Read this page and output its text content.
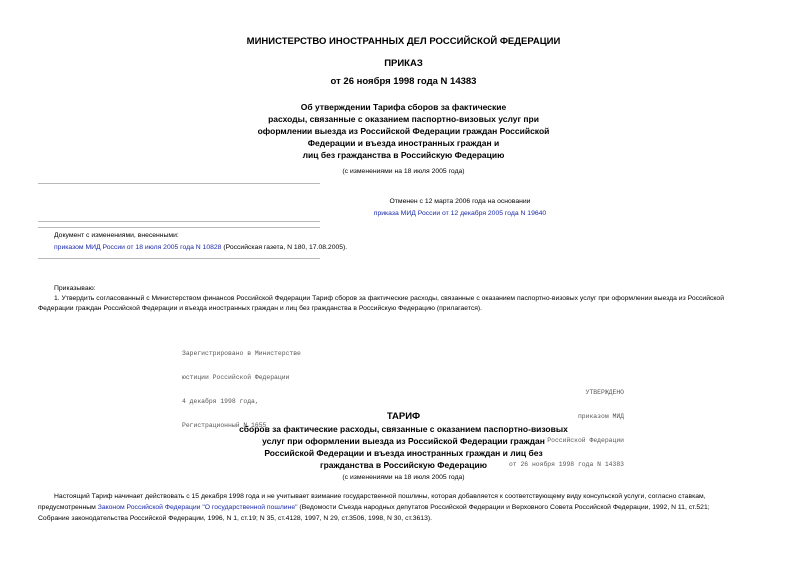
МИНИСТЕРСТВО ИНОСТРАННЫХ ДЕЛ РОССИЙСКОЙ ФЕДЕРАЦИИ
ПРИКАЗ
от 26 ноября 1998 года N 14383
Об утверждении Тарифа сборов за фактические
расходы, связанные с оказанием паспортно-визовых услуг при
оформлении выезда из Российской Федерации граждан Российской
Федерации и въезда иностранных граждан и
лиц без гражданства в Российскую Федерацию
(с изменениями на 18 июля 2005 года)
Отменен с 12 марта 2006 года на основании
приказа МИД России от 12 декабря 2005 года N 19640
Документ с изменениями, внесенными:
приказом МИД России от 18 июля 2005 года N 10828 (Российская газета, N 180, 17.08.2005).
Приказываю:
1. Утвердить согласованный с Министерством финансов Российской Федерации Тариф сборов за фактические расходы, связанные с оказанием паспортно-визовых услуг при оформлении выезда из Российской
Федерации граждан Российской Федерации и въезда иностранных граждан и лиц без гражданства в Российскую Федерацию (прилагается).

Зарегистрировано в Министерстве

юстиции Российской Федерации

4 декабря 1998 года,

Регистрационный N 1655

УТВЕРЖДЕНО

приказом МИД

Российской Федерации

от 26 ноября 1998 года N 14383

ТАРИФ
сборов за фактические расходы, связанные с оказанием паспортно-визовых
услуг при оформлении выезда из Российской Федерации граждан
Российской Федерации и въезда иностранных граждан и лиц без
гражданства в Российскую Федерацию
(с изменениями на 18 июля 2005 года)
Настоящий Тариф начинает действовать с 15 декабря 1998 года и не учитывает взимание государственной пошлины, которая добавляется к соответствующему виду консульской услуги, согласно ставкам,
предусмотренным Законом Российской Федерации "О государственной пошлине" (Ведомости Съезда народных депутатов Российской Федерации и Верховного Совета Российской Федерации, 1992, N 11, ст.521;
Собрание законодательства Российской Федерации, 1996, N 1, ст.19; N 35, ст.4128, 1997, N 29, ст.3506, 1998, N 30, ст.3613).
